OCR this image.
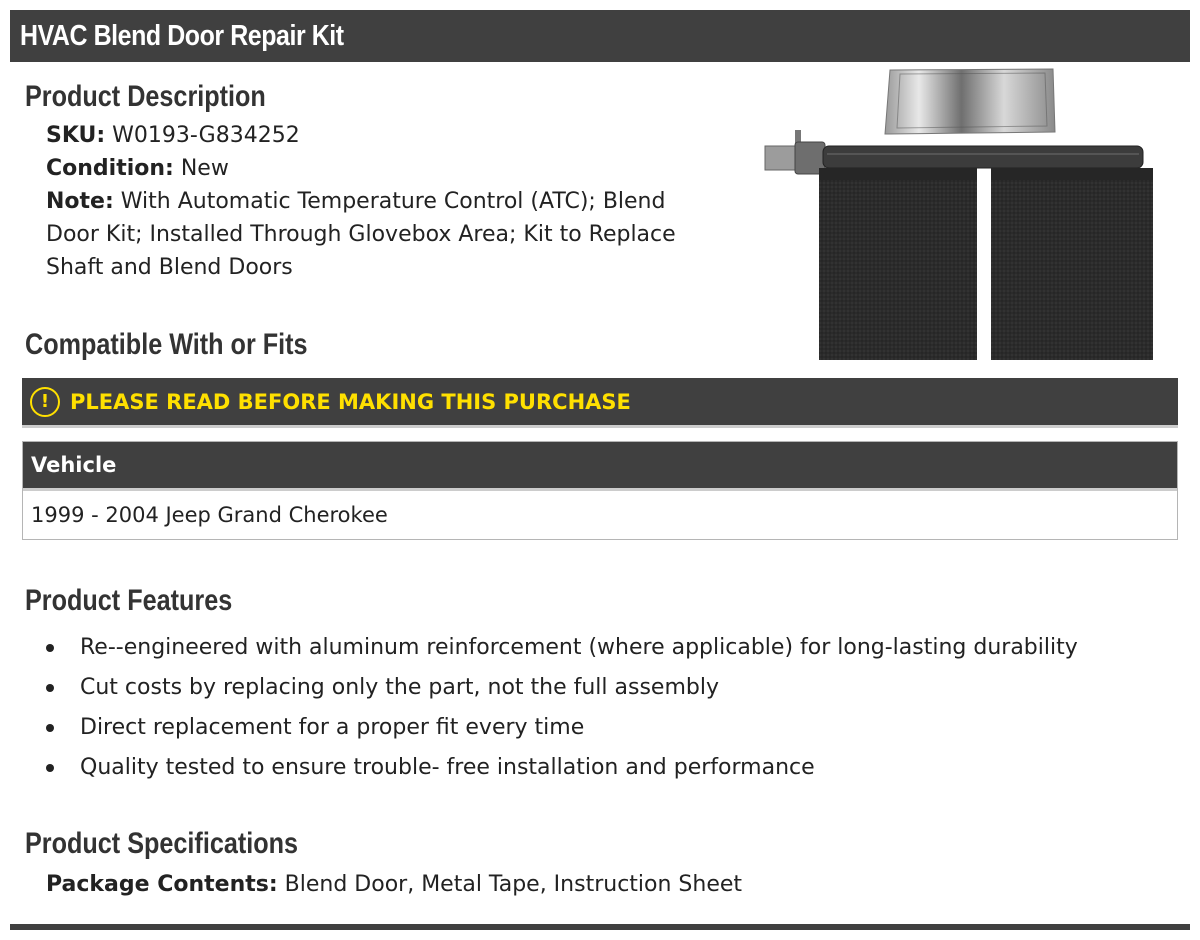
HVAC Blend Door Repair Kit
Product Description
SKU: W0193-G834252
Condition: New
Note: With Automatic Temperature Control (ATC); Blend Door Kit; Installed Through Glovebox Area; Kit to Replace Shaft and Blend Doors
Compatible With or Fits
! PLEASE READ BEFORE MAKING THIS PURCHASE
Vehicle
1999 - 2004 Jeep Grand Cherokee
Product Features
Re--engineered with aluminum reinforcement (where applicable) for long-lasting durability
Cut costs by replacing only the part, not the full assembly
Direct replacement for a proper fit every time
Quality tested to ensure trouble- free installation and performance
Product Specifications
Package Contents: Blend Door, Metal Tape, Instruction Sheet
